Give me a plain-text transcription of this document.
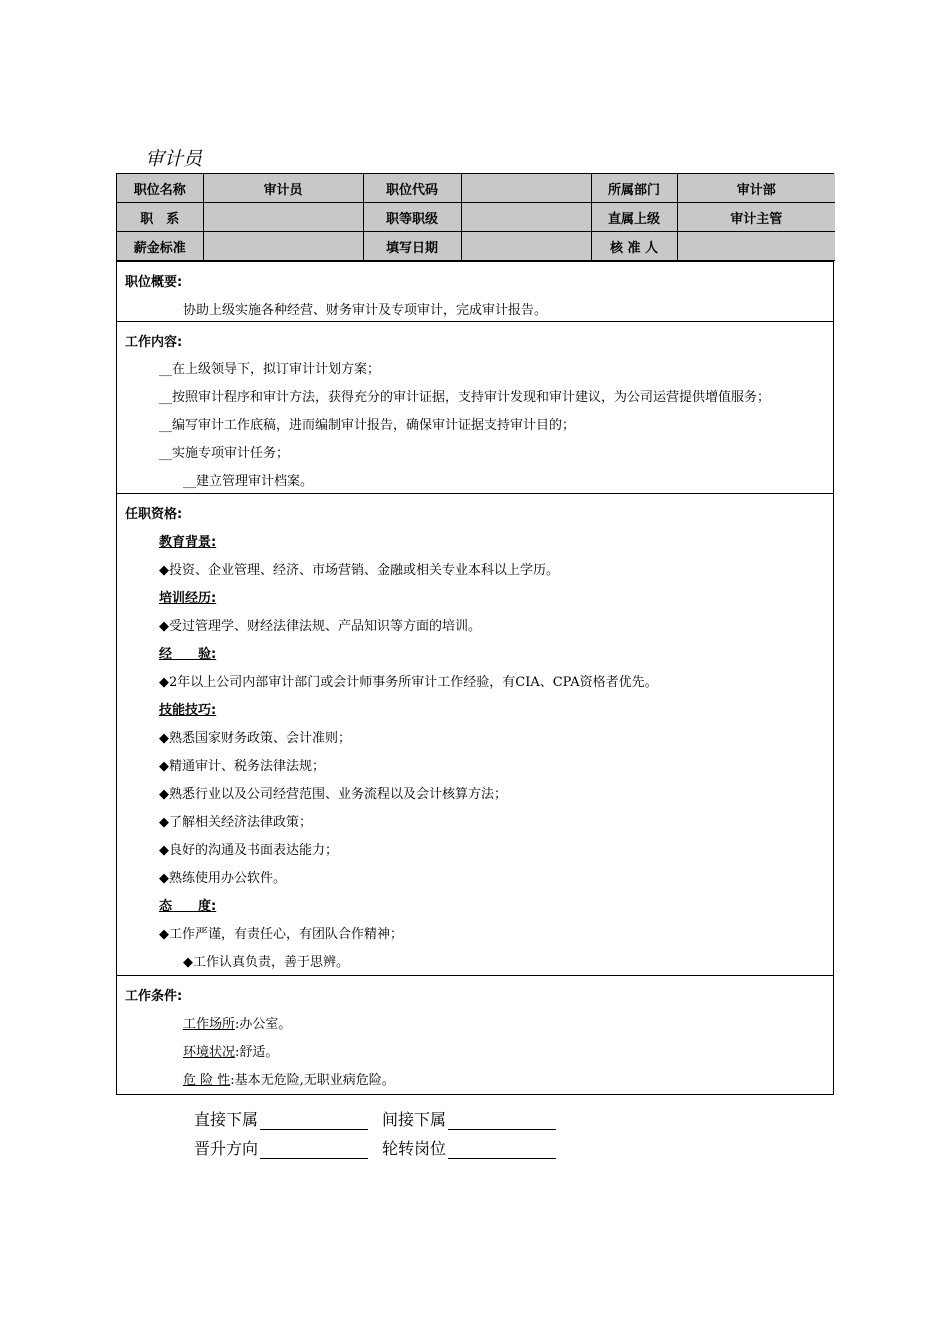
审计员
职位名称	审计员	职位代码		所属部门	审计部
职　系		职等职级		直属上级	审计主管
薪金标准		填写日期		核 准 人	
职位概要:
协助上级实施各种经营、财务审计及专项审计，完成审计报告。
工作内容:
__在上级领导下，拟订审计计划方案；
__按照审计程序和审计方法，获得充分的审计证据，支持审计发现和审计建议，为公司运营提供增值服务；
__编写审计工作底稿，进而编制审计报告，确保审计证据支持审计目的；
__实施专项审计任务；
__建立管理审计档案。
任职资格:
教育背景:
◆投资、企业管理、经济、市场营销、金融或相关专业本科以上学历。
培训经历:
◆受过管理学、财经法律法规、产品知识等方面的培训。
经　　验:
◆2年以上公司内部审计部门或会计师事务所审计工作经验，有CIA、CPA资格者优先。
技能技巧:
◆熟悉国家财务政策、会计准则；
◆精通审计、税务法律法规；
◆熟悉行业以及公司经营范围、业务流程以及会计核算方法；
◆了解相关经济法律政策；
◆良好的沟通及书面表达能力；
◆熟练使用办公软件。
态　　度:
◆工作严谨，有责任心，有团队合作精神；
◆工作认真负责，善于思辨。
工作条件:
工作场所:办公室。
环境状况:舒适。
危 险 性:基本无危险,无职业病危险。
直接下属	间接下属
晋升方向	轮转岗位
